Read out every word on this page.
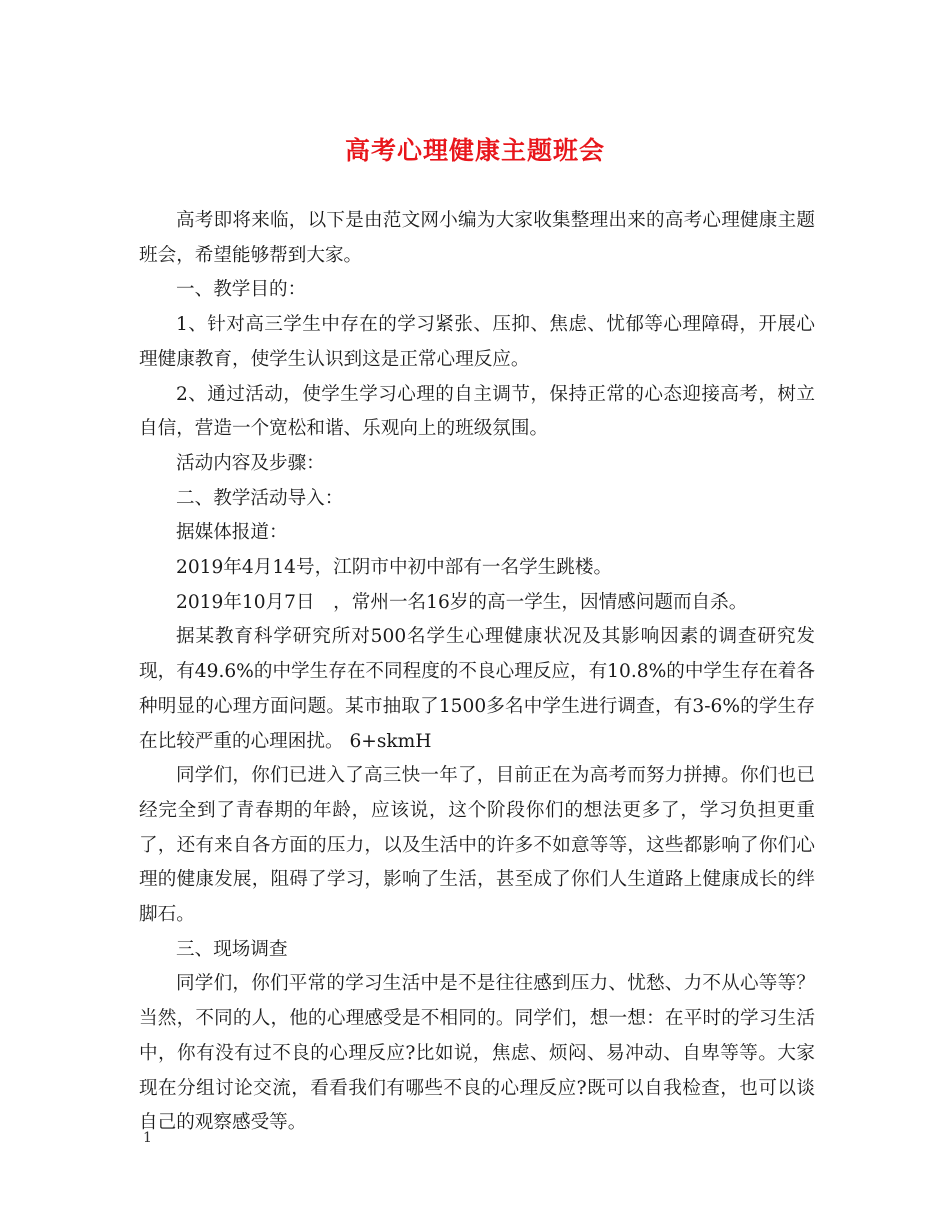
高考心理健康主题班会

高考即将来临，以下是由范文网小编为大家收集整理出来的高考心理健康主题班会，希望能够帮到大家。

一、教学目的：

1、针对高三学生中存在的学习紧张、压抑、焦虑、忧郁等心理障碍，开展心理健康教育，使学生认识到这是正常心理反应。

2、通过活动，使学生学习心理的自主调节，保持正常的心态迎接高考，树立自信，营造一个宽松和谐、乐观向上的班级氛围。

活动内容及步骤：

二、教学活动导入：

据媒体报道：

2019年4月14号，江阴市中初中部有一名学生跳楼。

2019年10月7日　，常州一名16岁的高一学生，因情感问题而自杀。

据某教育科学研究所对500名学生心理健康状况及其影响因素的调查研究发现，有49.6%的中学生存在不同程度的不良心理反应，有10.8%的中学生存在着各种明显的心理方面问题。某市抽取了1500多名中学生进行调查，有3-6%的学生存在比较严重的心理困扰。 6+skmH

同学们，你们已进入了高三快一年了，目前正在为高考而努力拼搏。你们也已经完全到了青春期的年龄，应该说，这个阶段你们的想法更多了，学习负担更重了，还有来自各方面的压力，以及生活中的许多不如意等等，这些都影响了你们心理的健康发展，阻碍了学习，影响了生活，甚至成了你们人生道路上健康成长的绊脚石。

三、现场调查

同学们，你们平常的学习生活中是不是往往感到压力、忧愁、力不从心等等？当然，不同的人，他的心理感受是不相同的。同学们，想一想：在平时的学习生活中，你有没有过不良的心理反应?比如说，焦虑、烦闷、易冲动、自卑等等。大家现在分组讨论交流，看看我们有哪些不良的心理反应?既可以自我检查，也可以谈自己的观察感受等。

1
